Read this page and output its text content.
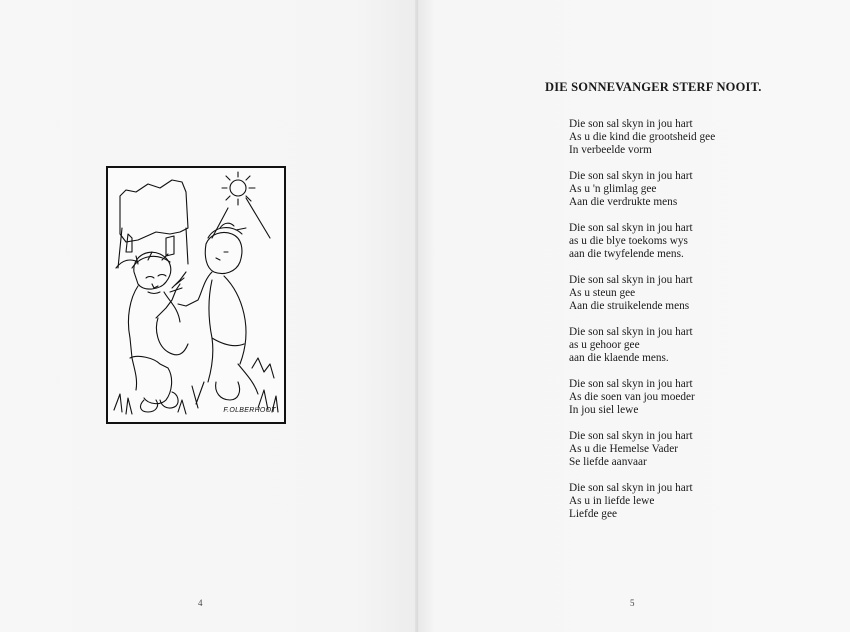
F.OLBERHOOT
4	5
DIE SONNEVANGER STERF NOOIT.
Die son sal skyn in jou hart
As u die kind die grootsheid gee
In verbeelde vorm
Die son sal skyn in jou hart
As u 'n glimlag gee
Aan die verdrukte mens
Die son sal skyn in jou hart
as u die blye toekoms wys
aan die twyfelende mens.
Die son sal skyn in jou hart
As u steun gee
Aan die struikelende mens
Die son sal skyn in jou hart
as u gehoor gee
aan die klaende mens.
Die son sal skyn in jou hart
As die soen van jou moeder
In jou siel lewe
Die son sal skyn in jou hart
As u die Hemelse Vader
Se liefde aanvaar
Die son sal skyn in jou hart
As u in liefde lewe
Liefde gee
